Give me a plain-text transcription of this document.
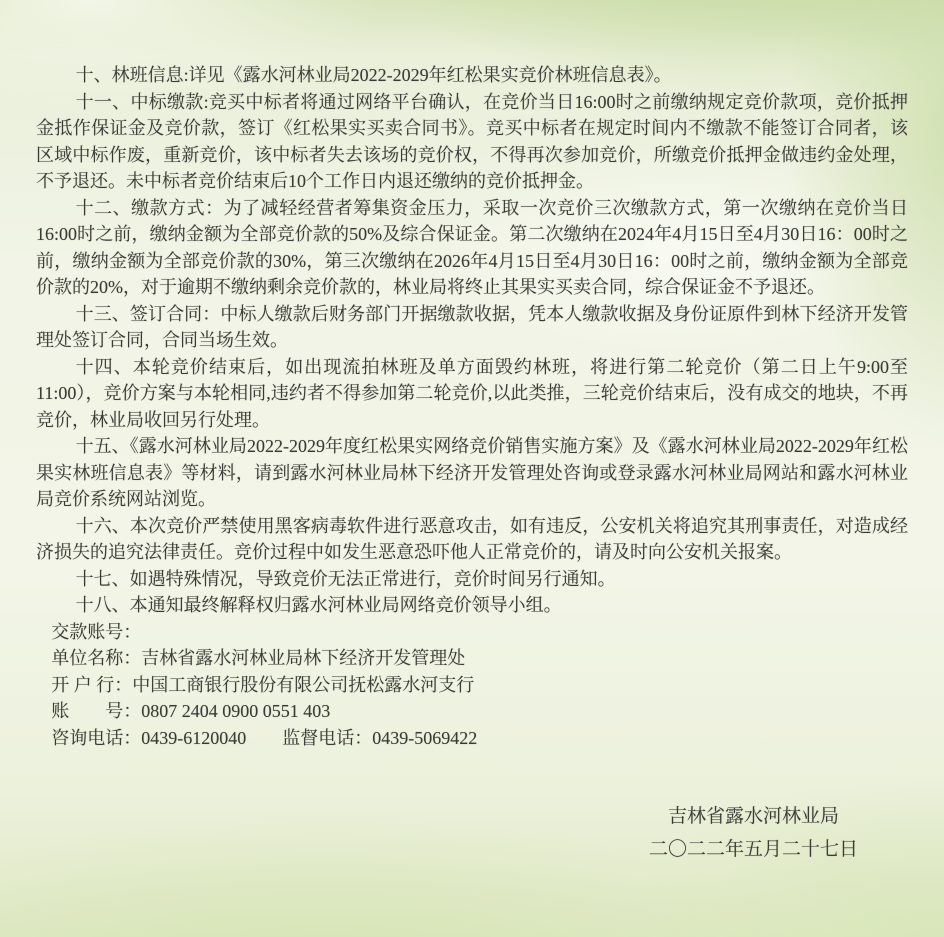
十、林班信息:详见《露水河林业局2022-2029年红松果实竞价林班信息表》。

十一、中标缴款:竞买中标者将通过网络平台确认，在竞价当日16:00时之前缴纳规定竞价款项，竞价抵押金抵作保证金及竞价款，签订《红松果实买卖合同书》。竞买中标者在规定时间内不缴款不能签订合同者，该区域中标作废，重新竞价，该中标者失去该场的竞价权，不得再次参加竞价，所缴竞价抵押金做违约金处理，不予退还。未中标者竞价结束后10个工作日内退还缴纳的竞价抵押金。

十二、缴款方式：为了减轻经营者筹集资金压力，采取一次竞价三次缴款方式，第一次缴纳在竞价当日16:00时之前，缴纳金额为全部竞价款的50%及综合保证金。第二次缴纳在2024年4月15日至4月30日16：00时之前，缴纳金额为全部竞价款的30%，第三次缴纳在2026年4月15日至4月30日16：00时之前，缴纳金额为全部竞价款的20%，对于逾期不缴纳剩余竞价款的，林业局将终止其果实买卖合同，综合保证金不予退还。

十三、签订合同：中标人缴款后财务部门开据缴款收据，凭本人缴款收据及身份证原件到林下经济开发管理处签订合同，合同当场生效。

十四、本轮竞价结束后，如出现流拍林班及单方面毁约林班，将进行第二轮竞价（第二日上午9:00至11:00），竞价方案与本轮相同,违约者不得参加第二轮竞价,以此类推，三轮竞价结束后，没有成交的地块，不再竞价，林业局收回另行处理。

十五、《露水河林业局2022-2029年度红松果实网络竞价销售实施方案》及《露水河林业局2022-2029年红松果实林班信息表》等材料，请到露水河林业局林下经济开发管理处咨询或登录露水河林业局网站和露水河林业局竞价系统网站浏览。

十六、本次竞价严禁使用黑客病毒软件进行恶意攻击，如有违反，公安机关将追究其刑事责任，对造成经济损失的追究法律责任。竞价过程中如发生恶意恐吓他人正常竞价的，请及时向公安机关报案。

十七、如遇特殊情况，导致竞价无法正常进行，竞价时间另行通知。

十八、本通知最终解释权归露水河林业局网络竞价领导小组。

交款账号：

单位名称：吉林省露水河林业局林下经济开发管理处

开 户 行：中国工商银行股份有限公司抚松露水河支行

账　　号：0807 2404 0900 0551 403

咨询电话：0439-6120040　　监督电话：0439-5069422

吉林省露水河林业局
二〇二二年五月二十七日
